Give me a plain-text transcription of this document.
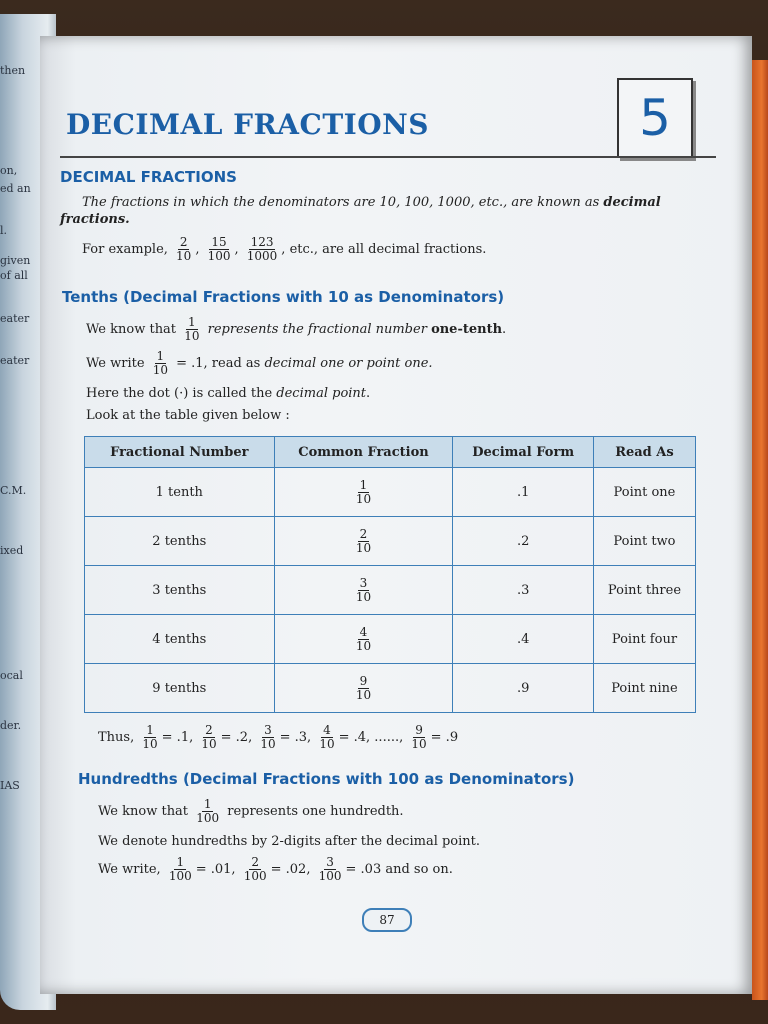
then
on,
ed an
l.
given
of all
eater
eater
C.M.
ixed
ocal
der.
IAS
DECIMAL FRACTIONS	5
DECIMAL FRACTIONS
The fractions in which the denominators are 10, 100, 1000, etc., are known as decimal
fractions.
For example, $\frac{2}{10}$ , $\frac{15}{100}$ , $\frac{123}{1000}$ , etc., are all decimal fractions.
Tenths (Decimal Fractions with 10 as Denominators)
We know that $\frac{1}{10}$ represents the fractional number one-tenth.
We write $\frac{1}{10} = .1$, read as decimal one or point one.
Here the dot (·) is called the decimal point.
Look at the table given below :
Fractional Number	Common Fraction	Decimal Form	Read As
1 tenth	$\frac{1}{10}$	.1	Point one
2 tenths	$\frac{2}{10}$	.2	Point two
3 tenths	$\frac{3}{10}$	.3	Point three
4 tenths	$\frac{4}{10}$	.4	Point four
9 tenths	$\frac{9}{10}$	.9	Point nine
Thus, $\frac{1}{10} = .1$, $\frac{2}{10} = .2$, $\frac{3}{10} = .3$, $\frac{4}{10} = .4$, ......, $\frac{9}{10} = .9$
Hundredths (Decimal Fractions with 100 as Denominators)
We know that $\frac{1}{100}$ represents one hundredth.
We denote hundredths by 2-digits after the decimal point.
We write, $\frac{1}{100} = .01$, $\frac{2}{100} = .02$, $\frac{3}{100} = .03$ and so on.
87
